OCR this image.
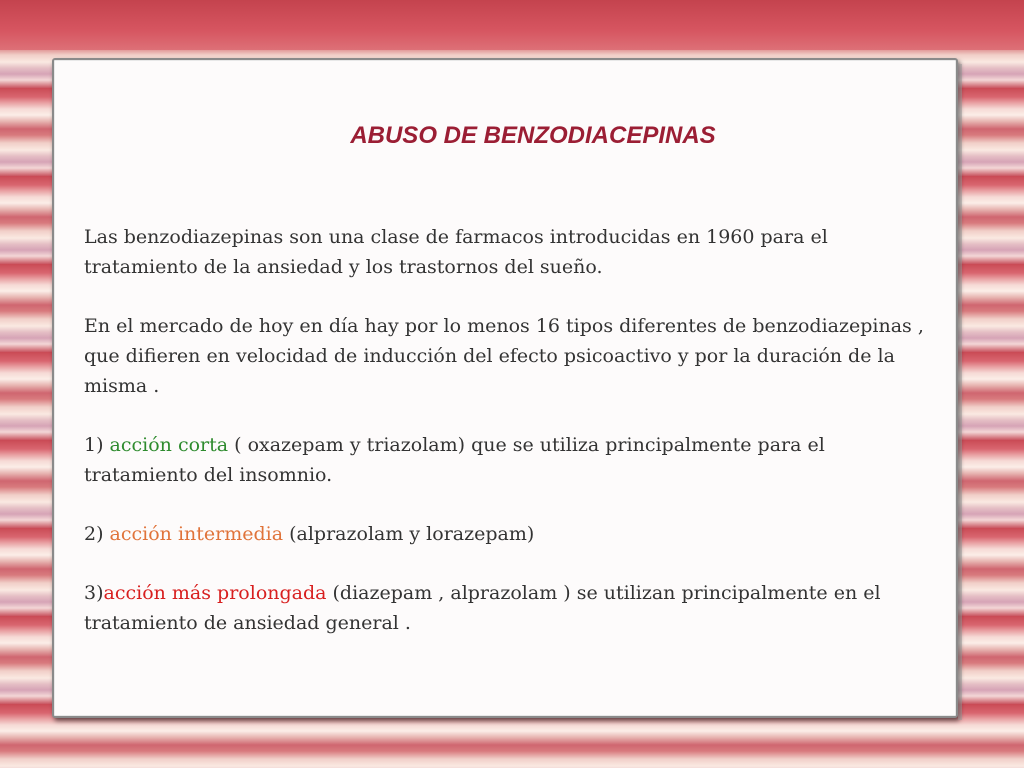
ABUSO DE BENZODIACEPINAS

Las benzodiazepinas son una clase de farmacos introducidas en 1960 para el tratamiento de la ansiedad y los trastornos del sueño.

En el mercado de hoy en día hay por lo menos 16 tipos diferentes de benzodiazepinas , que difieren en velocidad de inducción del efecto psicoactivo y por la duración de la misma .

1) acción corta ( oxazepam y triazolam) que se utiliza principalmente para el tratamiento del insomnio.

2) acción intermedia (alprazolam y lorazepam)

3)acción más prolongada (diazepam , alprazolam ) se utilizan principalmente en el tratamiento de ansiedad general .
